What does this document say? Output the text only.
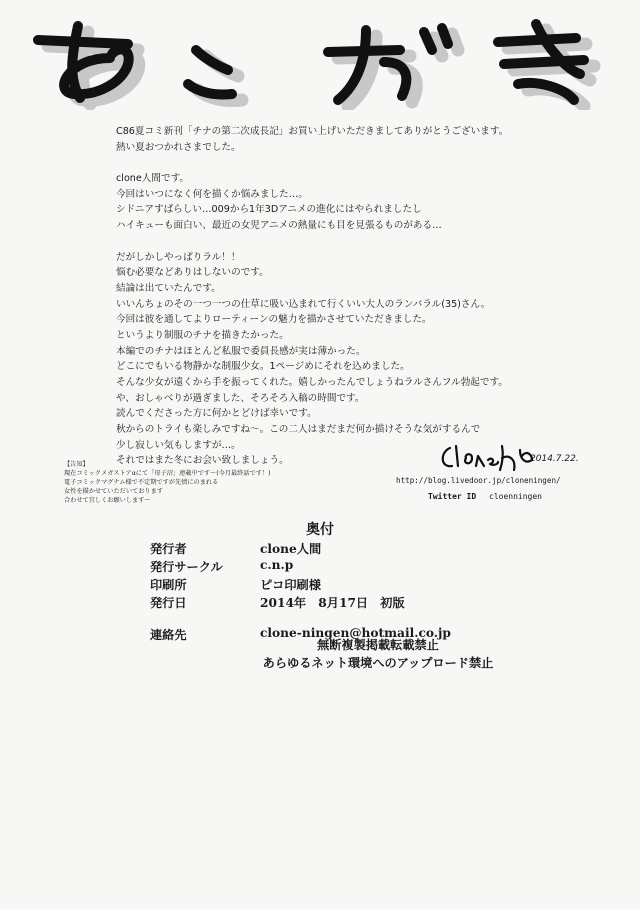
C86夏コミ新刊「チナの第二次成長記」お買い上げいただきましてありがとうございます。
熱い夏おつかれさまでした。
clone人間です。
今回はいつになく何を描くか悩みました…。
シドニアすばらしい…009から1年3Dアニメの進化にはやられましたし
ハイキューも面白い、最近の女児アニメの熱量にも目を見張るものがある…
だがしかしやっぱりラル！！
悩む必要などありはしないのです。
結論は出ていたんです。
いいんちょのその一つ一つの仕草に吸い込まれて行くいい大人のランバラル(35)さん。
今回は彼を通してよりローティーンの魅力を描かさせていただきました。
というより制服のチナを描きたかった。
本編でのチナはほとんど私服で委員長感が実は薄かった。
どこにでもいる物静かな制服少女。1ページめにそれを込めました。
そんな少女が遠くから手を振ってくれた。嬉しかったんでしょうねラルさんフル勃起です。
や、おしゃべりが過ぎました、そろそろ入稿の時間です。
読んでくださった方に何かとどけば幸いです。
秋からのトライも楽しみですね〜。この二人はまだまだ何か描けそうな気がするんで
少し寂しい気もしますが…。
それではまた冬にお会い致しましょう。	2014.7.22.
http://blog.livedoor.jp/cloneningen/
Twitter ID cloenningen
【告知】
現在コミックメガストアαにて「母子沼」連載中です〜(今月最終話です！)
電子コミックマグナム様で不定期ですが先情にのまれる
女性を描かせていただいております
合わせて宜しくお願いします〜
奥付
発行者	clone人間
発行サークル	c.n.p
印刷所	ピコ印刷様
発行日	2014年　8月17日　初版
連絡先	clone-ningen@hotmail.co.jp
無断複製掲載転載禁止
あらゆるネット環境へのアップロード禁止
